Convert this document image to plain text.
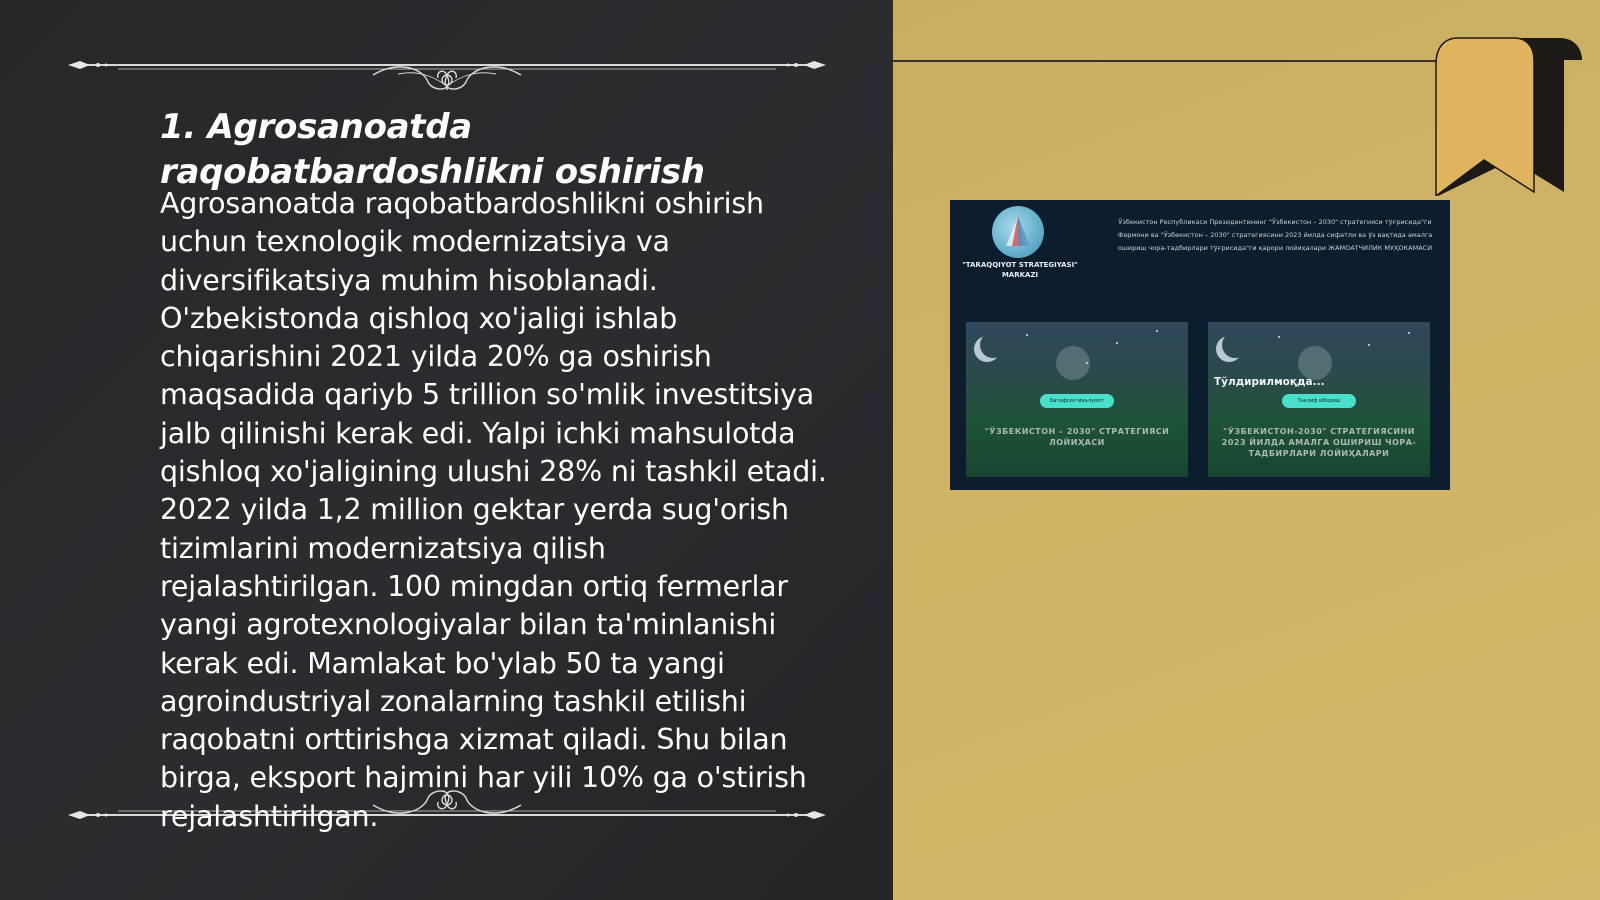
1. Agrosanoatda raqobatbardoshlikni oshirish

Agrosanoatda raqobatbardoshlikni oshirish uchun texnologik modernizatsiya va diversifikatsiya muhim hisoblanadi. O'zbekistonda qishloq xo'jaligi ishlab chiqarishini 2021 yilda 20% ga oshirish maqsadida qariyb 5 trillion so'mlik investitsiya jalb qilinishi kerak edi. Yalpi ichki mahsulotda qishloq xo'jaligining ulushi 28% ni tashkil etadi. 2022 yilda 1,2 million gektar yerda sug'orish tizimlarini modernizatsiya qilish rejalashtirilgan. 100 mingdan ortiq fermerlar yangi agrotexnologiyalar bilan ta'minlanishi kerak edi. Mamlakat bo'ylab 50 ta yangi agroindustriyal zonalarning tashkil etilishi raqobatni orttirishga xizmat qiladi. Shu bilan birga, eksport hajmini har yili 10% ga o'stirish rejalashtirilgan.

"TARAQQIYOT STRATEGIYASI" MARKAZI
Ўзбекистон Республикаси Президентининг "Ўзбекистон – 2030" стратегияси тўғрисида"ги Фармони ва "Ўзбекистон – 2030" стратегиясини 2023 йилда сифатли ва ўз вақтида амалга ошириш чора-тадбирлари тўғрисида"ги қарори лойиҳалари ЖАМОАТЧИЛИК МУҲОКАМАСИ
Батафсил маълумот
"ЎЗБЕКИСТОН – 2030" СТРАТЕГИЯСИ ЛОЙИҲАСИ
Тўлдирилмоқда...
Таклиф юбориш
"ЎЗБЕКИСТОН-2030" СТРАТЕГИЯСИНИ 2023 ЙИЛДА АМАЛГА ОШИРИШ ЧОРА-ТАДБИРЛАРИ ЛОЙИҲАЛАРИ
